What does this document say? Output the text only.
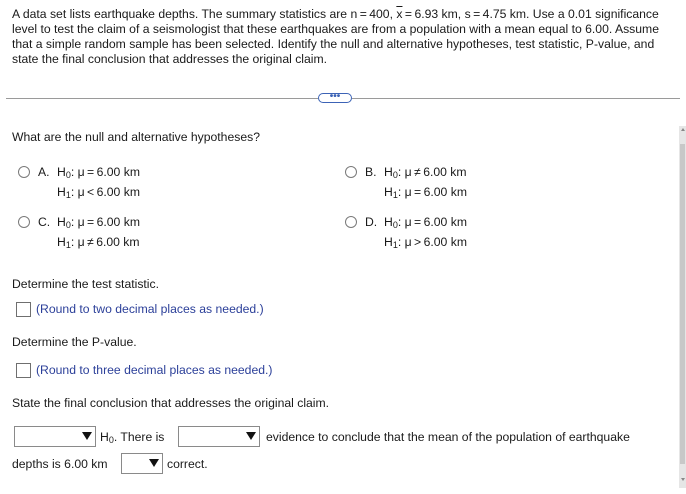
A data set lists earthquake depths. The summary statistics are n = 400, $\overline{x} = 6.93$ km, s = 4.75 km. Use a 0.01 significance level to test the claim of a seismologist that these earthquakes are from a population with a mean equal to 6.00. Assume that a simple random sample has been selected. Identify the null and alternative hypotheses, test statistic, P-value, and state the final conclusion that addresses the original claim.
•••
What are the null and alternative hypotheses?
A. $H_0$: μ = 6.00 km
$H_1$: μ < 6.00 km
B. $H_0$: μ ≠ 6.00 km
$H_1$: μ = 6.00 km
C. $H_0$: μ = 6.00 km
$H_1$: μ ≠ 6.00 km
D. $H_0$: μ = 6.00 km
$H_1$: μ > 6.00 km
Determine the test statistic.
(Round to two decimal places as needed.)
Determine the P-value.
(Round to three decimal places as needed.)
State the final conclusion that addresses the original claim.
$H_0$. There is	evidence to conclude that the mean of the population of earthquake
depths is 6.00 km	correct.
